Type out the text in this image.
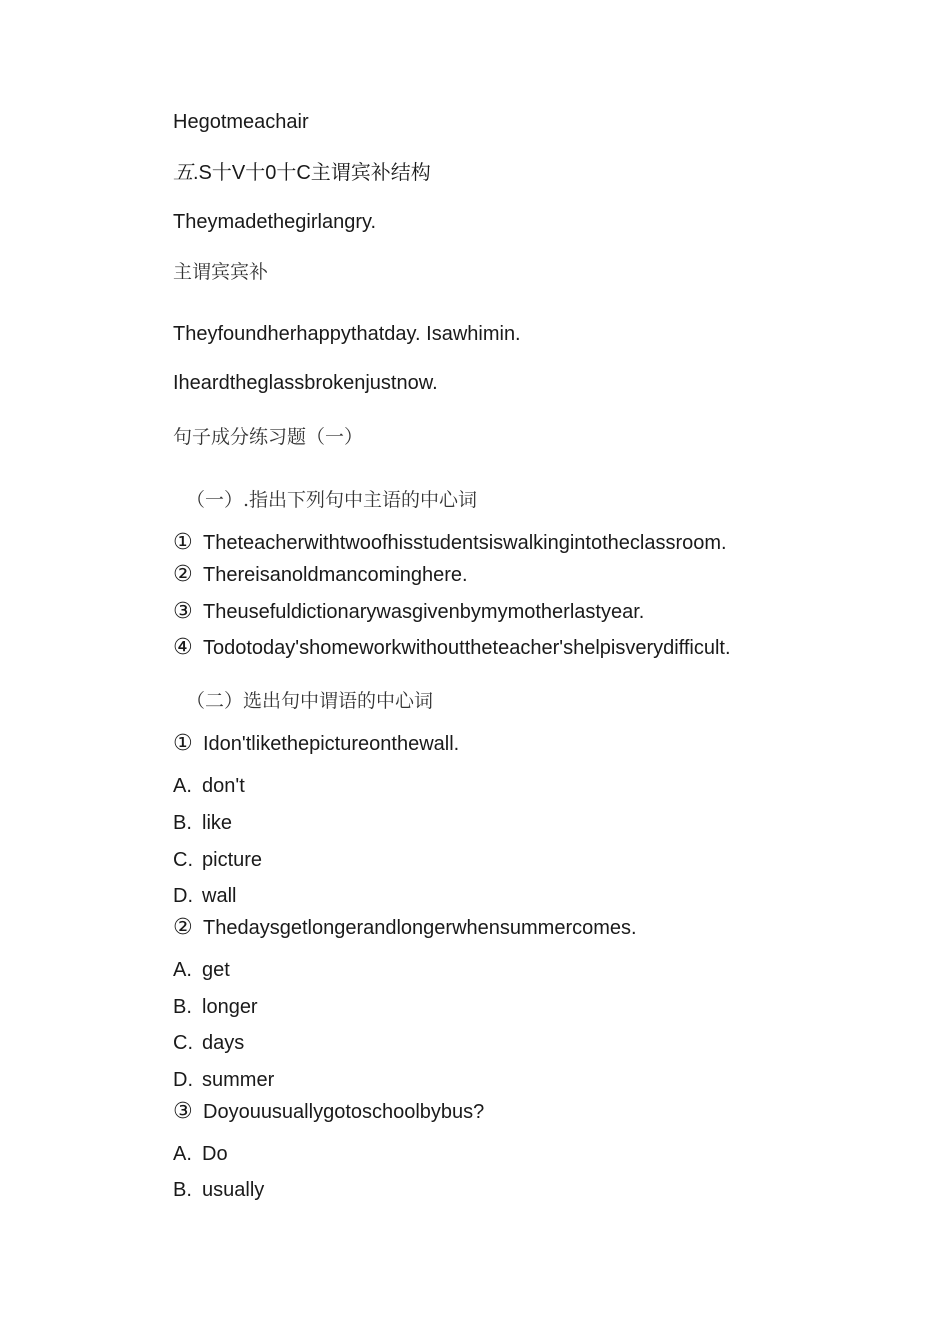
Hegotmeachair
五.S十V十0十C主谓宾补结构
Theymadethegirlangry.
主谓宾宾补
Theyfoundherhappythatday. Isawhimin.
Iheardtheglassbrokenjustnow.
句子成分练习题（一）
（一）.指出下列句中主语的中心词
① Theteacherwithtwoofhisstudentsiswalkingintotheclassroom.
② Thereisanoldmancominghere.
③ Theusefuldictionarywasgivenbymymotherlastyear.
④ Todotoday'shomeworkwithouttheteacher'shelpisverydifficult.
（二）选出句中谓语的中心词
① Idon'tlikethepictureonthewall.
A. don't
B. like
C. picture
D. wall
② Thedaysgetlongerandlongerwhensummercomes.
A. get
B. longer
C. days
D. summer
③ Doyouusuallygotoschoolbybus?
A. Do
B. usually
